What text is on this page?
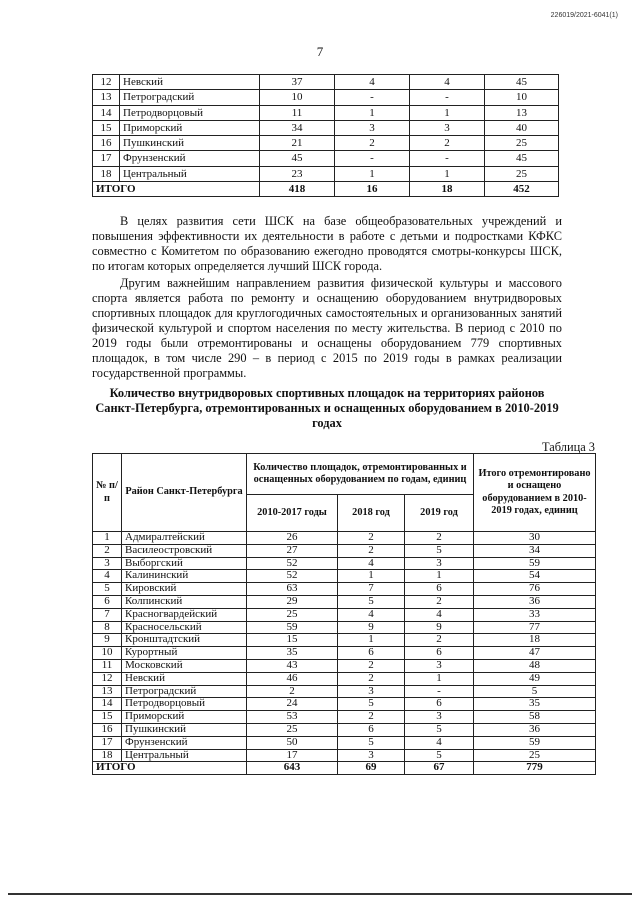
226019/2021-6041(1)
7
12	Невский	37	4	4	45
13	Петроградский	10	-	-	10
14	Петродворцовый	11	1	1	13
15	Приморский	34	3	3	40
16	Пушкинский	21	2	2	25
17	Фрунзенский	45	-	-	45
18	Центральный	23	1	1	25
ИТОГО		418	16	18	452

В целях развития сети ШСК на базе общеобразовательных учреждений и повышения эффективности их деятельности в работе с детьми и подростками КФКС совместно с Комитетом по образованию ежегодно проводятся смотры-конкурсы ШСК, по итогам которых определяется лучший ШСК города.

Другим важнейшим направлением развития физической культуры и массового спорта является работа по ремонту и оснащению оборудованием внутридворовых спортивных площадок для круглогодичных самостоятельных и организованных занятий физической культурой и спортом населения по месту жительства. В период с 2010 по 2019 годы были отремонтированы и оснащены оборудованием 779 спортивных площадок, в том числе 290 – в период с 2015 по 2019 годы в рамках реализации государственной программы.

Количество внутридворовых спортивных площадок на территориях районов Санкт-Петербурга, отремонтированных и оснащенных оборудованием в 2010-2019 годах

Таблица 3
№ п/п	Район Санкт-Петербурга	Количество площадок, отремонтированных и оснащенных оборудованием по годам, единиц			Итого отремонтировано и оснащено оборудованием в 2010-2019 годах, единиц
		2010-2017 годы	2018 год	2019 год	
1	Адмиралтейский	26	2	2	30
2	Василеостровский	27	2	5	34
3	Выборгский	52	4	3	59
4	Калининский	52	1	1	54
5	Кировский	63	7	6	76
6	Колпинский	29	5	2	36
7	Красногвардейский	25	4	4	33
8	Красносельский	59	9	9	77
9	Кронштадтский	15	1	2	18
10	Курортный	35	6	6	47
11	Московский	43	2	3	48
12	Невский	46	2	1	49
13	Петроградский	2	3	-	5
14	Петродворцовый	24	5	6	35
15	Приморский	53	2	3	58
16	Пушкинский	25	6	5	36
17	Фрунзенский	50	5	4	59
18	Центральный	17	3	5	25
ИТОГО		643	69	67	779
